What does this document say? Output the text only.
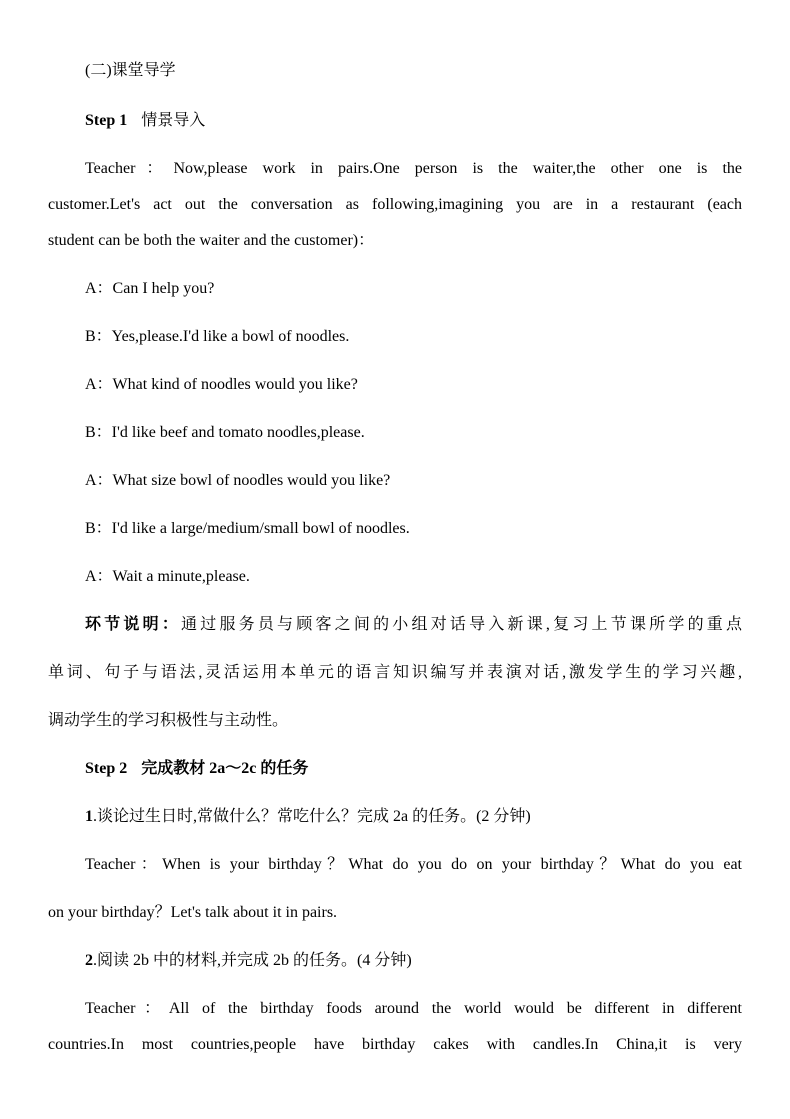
(二)课堂导学
Step 1 情景导入
Teacher：Now,please work in pairs.One person is the waiter,the other one is the
customer.Let's act out the conversation as following,imagining you are in a restaurant (each
student can be both the waiter and the customer)：
A：Can I help you?
B：Yes,please.I'd like a bowl of noodles.
A：What kind of noodles would you like?
B：I'd like beef and tomato noodles,please.
A：What size bowl of noodles would you like?
B：I'd like a large/medium/small bowl of noodles.
A：Wait a minute,please.
环节说明：通过服务员与顾客之间的小组对话导入新课,复习上节课所学的重点
单词、句子与语法,灵活运用本单元的语言知识编写并表演对话,激发学生的学习兴趣,
调动学生的学习积极性与主动性。
Step 2 完成教材 2a～2c 的任务
1.谈论过生日时,常做什么？常吃什么？完成 2a 的任务。(2 分钟)
Teacher：When is your birthday？What do you do on your birthday？What do you eat
on your birthday？Let's talk about it in pairs.
2.阅读 2b 中的材料,并完成 2b 的任务。(4 分钟)
Teacher：All of the birthday foods around the world would be different in different
countries.In most countries,people have birthday cakes with candles.In China,it is very
